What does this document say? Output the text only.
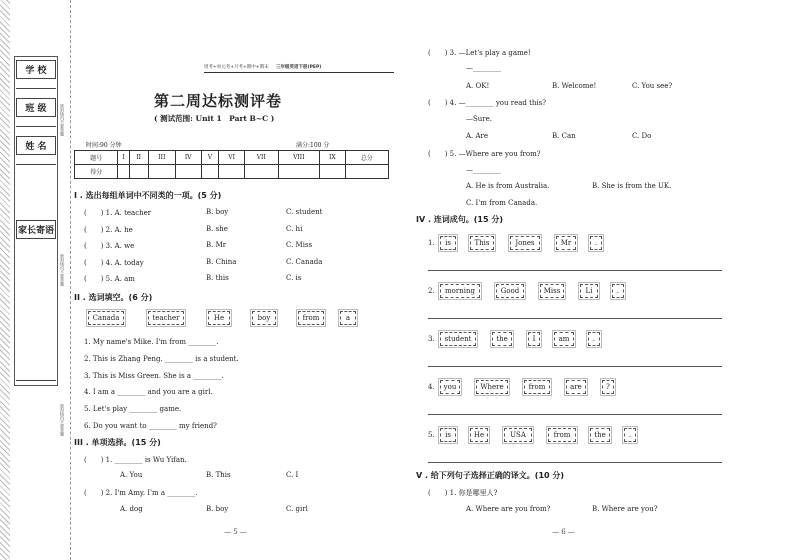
学 校
班 级
姓 名
家长寄语
密封线内不要答题
密封线内不要答题
密封线内不要答题
周考+单元考+月考+期中+期末 三年级英语下册(PEP)
第二周达标测评卷
( 测试范围: Unit 1　Part B~C )
时间:90 分钟	满分:100 分
题号	I	II	III	IV	V	VI	VII	VIII	IX	总分
得分										
I . 选出每组单词中不同类的一项。(5 分)
(　　) 1. A. teacher	B. boy	C. student
(　　) 2. A. he	B. she	C. hi
(　　) 3. A. we	B. Mr	C. Miss
(　　) 4. A. today	B. China	C. Canada
(　　) 5. A. am	B. this	C. is
II . 选词填空。(6 分)
Canada	teacher	He	boy	from	a
1. My name's Mike. I'm from ________.
2. This is Zhang Peng. ________ is a student.
3. This is Miss Green. She is a ________.
4. I am a ________ and you are a girl.
5. Let's play ________ game.
6. Do you want to ________ my friend?
III . 单项选择。(15 分)
(　　) 1. ________ is Wu Yifan.
A. You	B. This	C. I
(　　) 2. I'm Amy. I'm a ________.
A. dog	B. boy	C. girl
— 5 —
(　　) 3. —Let's play a game!
—________
A. OK!	B. Welcome!	C. You see?
(　　) 4. —________ you read this?
—Sure.
A. Are	B. Can	C. Do
(　　) 5. —Where are you from?
—________
A. He is from Australia.	B. She is from the UK.
C. I'm from Canada.
IV . 连词成句。(15 分)
1.	is	This	Jones	Mr	.
2.	morning	Good	Miss	Li	.
3.	student	the	I	am	.
4.	you	Where	from	are	?
5.	is	He	USA	from	the	.
V . 给下列句子选择正确的译文。(10 分)
(　　) 1. 你是哪里人?
A. Where are you from?	B. Where are you?
— 6 —
